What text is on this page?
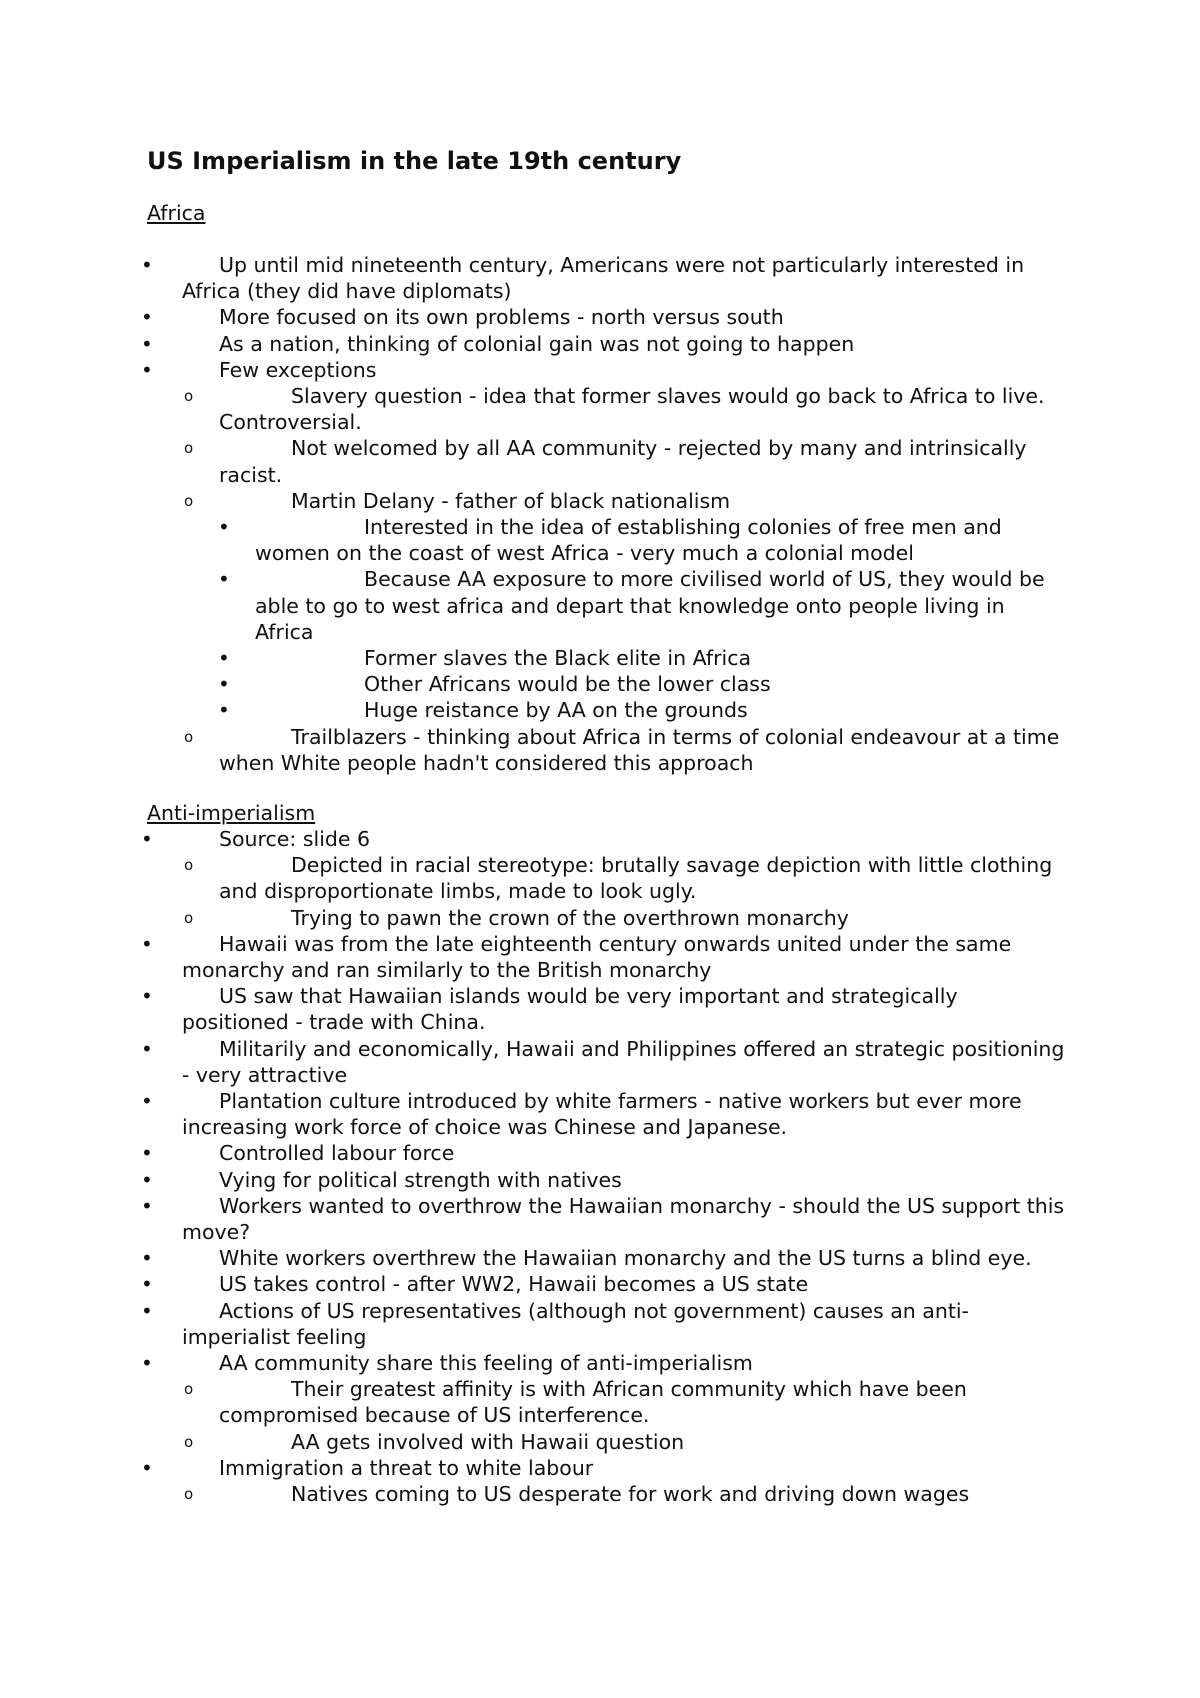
US Imperialism in the late 19th century

Africa

•	Up until mid nineteenth century, Americans were not particularly interested in Africa (they did have diplomats)
•	More focused on its own problems - north versus south
•	As a nation, thinking of colonial gain was not going to happen
•	Few exceptions
o	Slavery question - idea that former slaves would go back to Africa to live. Controversial.
o	Not welcomed by all AA community - rejected by many and intrinsically racist.
o	Martin Delany - father of black nationalism
•	Interested in the idea of establishing colonies of free men and women on the coast of west Africa - very much a colonial model
•	Because AA exposure to more civilised world of US, they would be able to go to west africa and depart that knowledge onto people living in Africa
•	Former slaves the Black elite in Africa
•	Other Africans would be the lower class
•	Huge reistance by AA on the grounds
o	Trailblazers - thinking about Africa in terms of colonial endeavour at a time when White people hadn't considered this approach

Anti-imperialism

•	Source: slide 6
o	Depicted in racial stereotype: brutally savage depiction with little clothing and disproportionate limbs, made to look ugly.
o	Trying to pawn the crown of the overthrown monarchy
•	Hawaii was from the late eighteenth century onwards united under the same monarchy and ran similarly to the British monarchy
•	US saw that Hawaiian islands would be very important and strategically positioned - trade with China.
•	Militarily and economically, Hawaii and Philippines offered an strategic positioning - very attractive
•	Plantation culture introduced by white farmers - native workers but ever more increasing work force of choice was Chinese and Japanese.
•	Controlled labour force
•	Vying for political strength with natives
•	Workers wanted to overthrow the Hawaiian monarchy - should the US support this move?
•	White workers overthrew the Hawaiian monarchy and the US turns a blind eye.
•	US takes control - after WW2, Hawaii becomes a US state
•	Actions of US representatives (although not government) causes an anti-imperialist feeling
•	AA community share this feeling of anti-imperialism
o	Their greatest affinity is with African community which have been compromised because of US interference.
o	AA gets involved with Hawaii question
•	Immigration a threat to white labour
o	Natives coming to US desperate for work and driving down wages
